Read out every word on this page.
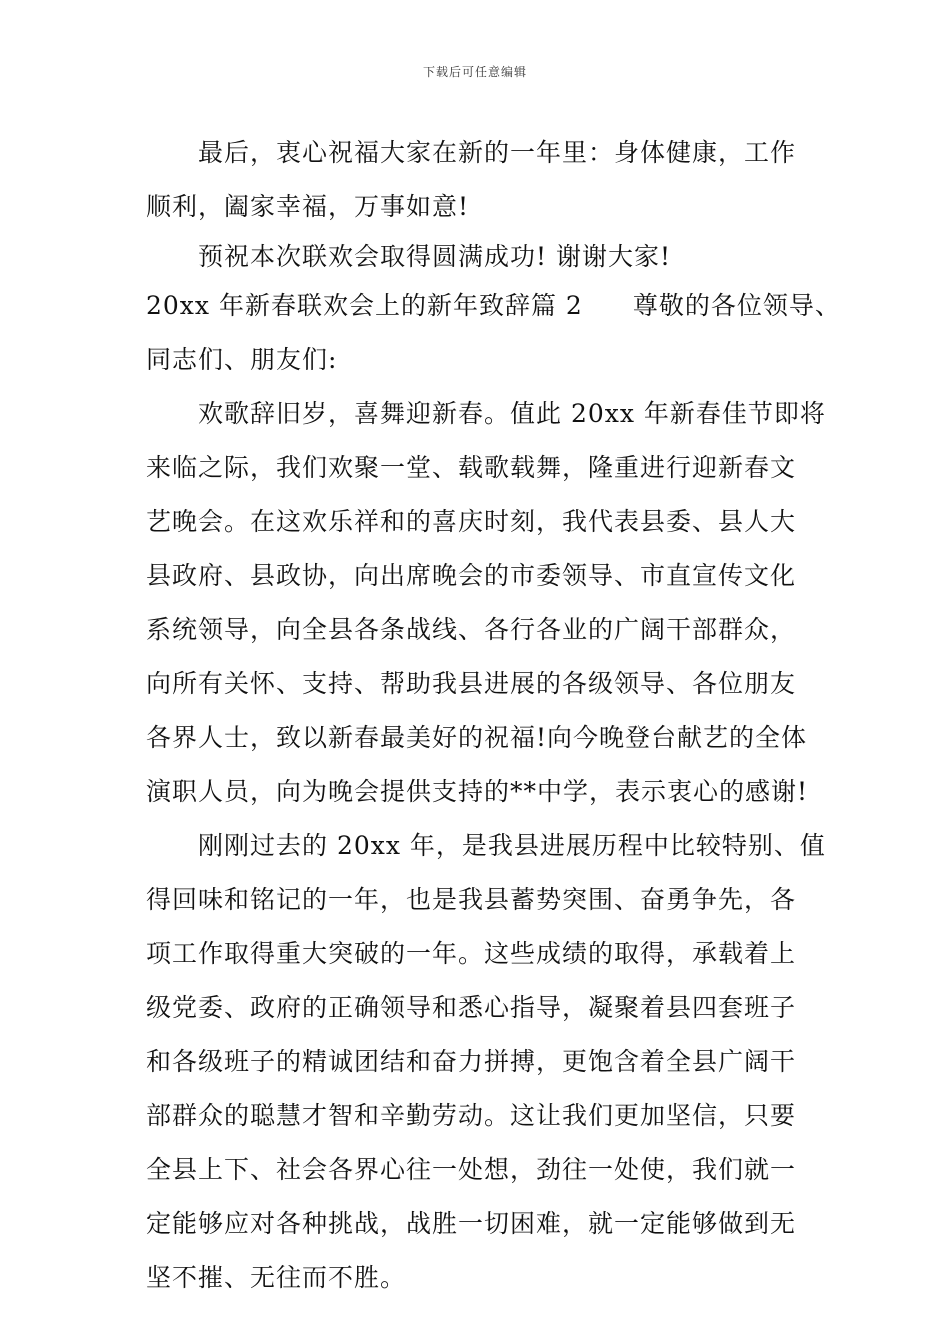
下载后可任意编辑
最后，衷心祝福大家在新的一年里：身体健康，工作
顺利，阖家幸福，万事如意!
预祝本次联欢会取得圆满成功! 谢谢大家!
20xx 年新春联欢会上的新年致辞篇 2 尊敬的各位领导、
同志们、朋友们:
欢歌辞旧岁，喜舞迎新春。值此 20xx 年新春佳节即将
来临之际，我们欢聚一堂、载歌载舞，隆重进行迎新春文
艺晚会。在这欢乐祥和的喜庆时刻，我代表县委、县人大
县政府、县政协，向出席晚会的市委领导、市直宣传文化
系统领导，向全县各条战线、各行各业的广阔干部群众，
向所有关怀、支持、帮助我县进展的各级领导、各位朋友
各界人士，致以新春最美好的祝福!向今晚登台献艺的全体
演职人员，向为晚会提供支持的**中学，表示衷心的感谢!
刚刚过去的 20xx 年，是我县进展历程中比较特别、值
得回味和铭记的一年，也是我县蓄势突围、奋勇争先，各
项工作取得重大突破的一年。这些成绩的取得，承载着上
级党委、政府的正确领导和悉心指导，凝聚着县四套班子
和各级班子的精诚团结和奋力拼搏，更饱含着全县广阔干
部群众的聪慧才智和辛勤劳动。这让我们更加坚信，只要
全县上下、社会各界心往一处想，劲往一处使，我们就一
定能够应对各种挑战，战胜一切困难，就一定能够做到无
坚不摧、无往而不胜。
